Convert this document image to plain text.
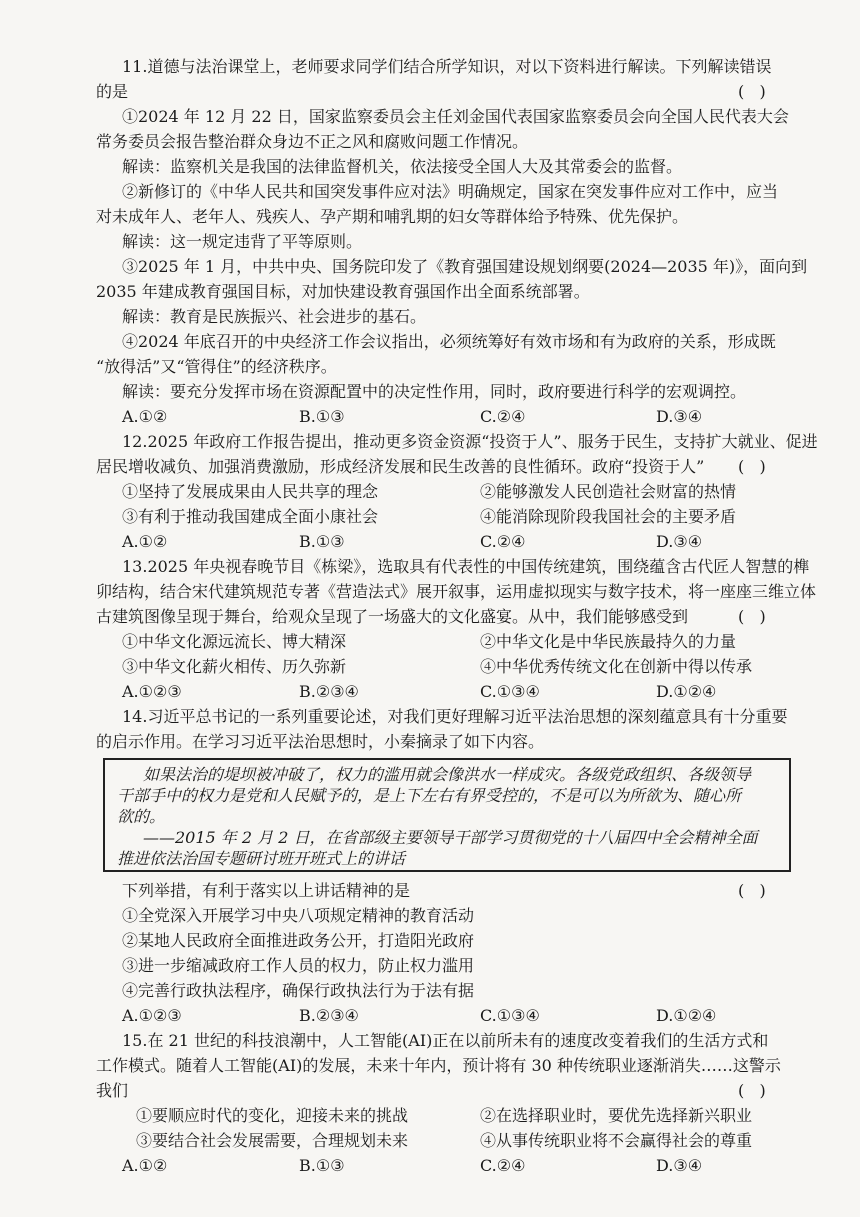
11.道德与法治课堂上，老师要求同学们结合所学知识，对以下资料进行解读。下列解读错误
的是	(   )
①2024 年 12 月 22 日，国家监察委员会主任刘金国代表国家监察委员会向全国人民代表大会
常务委员会报告整治群众身边不正之风和腐败问题工作情况。
解读：监察机关是我国的法律监督机关，依法接受全国人大及其常委会的监督。
②新修订的《中华人民共和国突发事件应对法》明确规定，国家在突发事件应对工作中，应当
对未成年人、老年人、残疾人、孕产期和哺乳期的妇女等群体给予特殊、优先保护。
解读：这一规定违背了平等原则。
③2025 年 1 月，中共中央、国务院印发了《教育强国建设规划纲要(2024—2035 年)》，面向到
2035 年建成教育强国目标，对加快建设教育强国作出全面系统部署。
解读：教育是民族振兴、社会进步的基石。
④2024 年底召开的中央经济工作会议指出，必须统筹好有效市场和有为政府的关系，形成既
“放得活”又“管得住”的经济秩序。
解读：要充分发挥市场在资源配置中的决定性作用，同时，政府要进行科学的宏观调控。
A.①②	B.①③	C.②④	D.③④
12.2025 年政府工作报告提出，推动更多资金资源“投资于人”、服务于民生，支持扩大就业、促进
居民增收减负、加强消费激励，形成经济发展和民生改善的良性循环。政府“投资于人” (   )
①坚持了发展成果由人民共享的理念	②能够激发人民创造社会财富的热情
③有利于推动我国建成全面小康社会	④能消除现阶段我国社会的主要矛盾
A.①②	B.①③	C.②④	D.③④
13.2025 年央视春晚节目《栋梁》，选取具有代表性的中国传统建筑，围绕蕴含古代匠人智慧的榫
卯结构，结合宋代建筑规范专著《营造法式》展开叙事，运用虚拟现实与数字技术，将一座座三维立体
古建筑图像呈现于舞台，给观众呈现了一场盛大的文化盛宴。从中，我们能够感受到	(   )
①中华文化源远流长、博大精深	②中华文化是中华民族最持久的力量
③中华文化薪火相传、历久弥新	④中华优秀传统文化在创新中得以传承
A.①②③	B.②③④	C.①③④	D.①②④
14.习近平总书记的一系列重要论述，对我们更好理解习近平法治思想的深刻蕴意具有十分重要
的启示作用。在学习习近平法治思想时，小秦摘录了如下内容。
如果法治的堤坝被冲破了，权力的滥用就会像洪水一样成灾。各级党政组织、各级领导
干部手中的权力是党和人民赋予的，是上下左右有界受控的，不是可以为所欲为、随心所
欲的。
——2015 年 2 月 2 日，在省部级主要领导干部学习贯彻党的十八届四中全会精神全面
推进依法治国专题研讨班开班式上的讲话
下列举措，有利于落实以上讲话精神的是	(   )
①全党深入开展学习中央八项规定精神的教育活动
②某地人民政府全面推进政务公开，打造阳光政府
③进一步缩减政府工作人员的权力，防止权力滥用
④完善行政执法程序，确保行政执法行为于法有据
A.①②③	B.②③④	C.①③④	D.①②④
15.在 21 世纪的科技浪潮中，人工智能(AI)正在以前所未有的速度改变着我们的生活方式和
工作模式。随着人工智能(AI)的发展，未来十年内，预计将有 30 种传统职业逐渐消失……这警示
我们	(   )
①要顺应时代的变化，迎接未来的挑战	②在选择职业时，要优先选择新兴职业
③要结合社会发展需要，合理规划未来	④从事传统职业将不会赢得社会的尊重
A.①②	B.①③	C.②④	D.③④
